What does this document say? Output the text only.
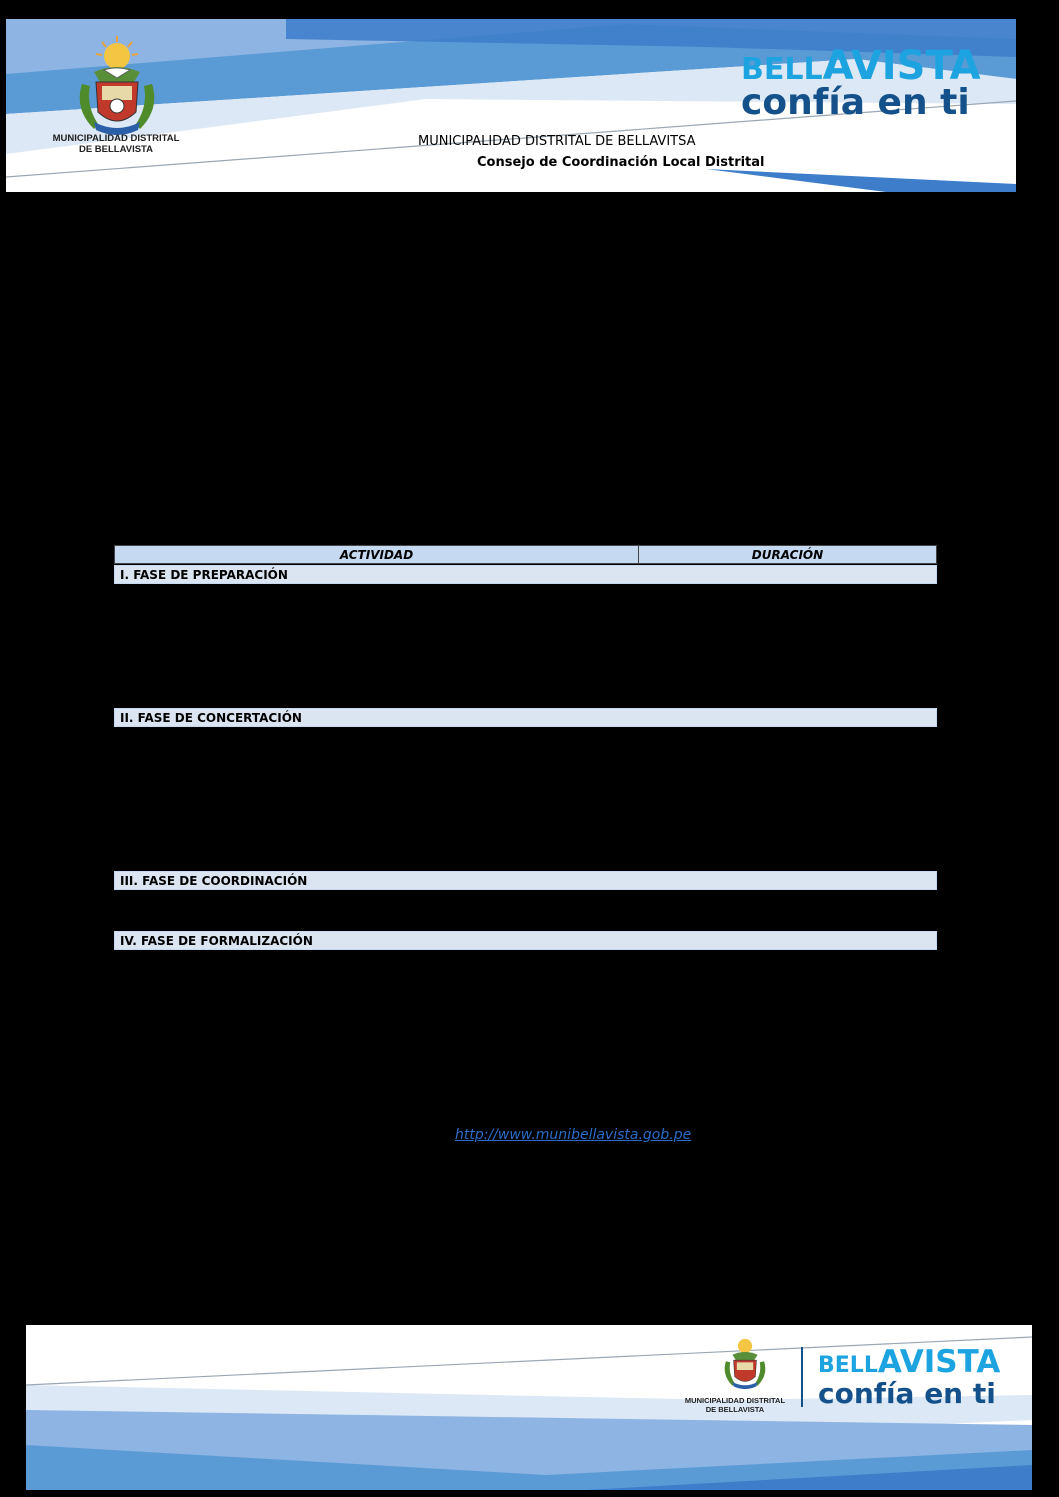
MUNICIPALIDAD DISTRITAL
DE BELLAVISTA
BELLAVISTA
confía en ti
MUNICIPALIDAD DISTRITAL DE BELLAVITSA
Consejo de Coordinación Local Distrital
ACTIVIDAD	DURACIÓN
I. FASE DE PREPARACIÓN
II. FASE DE CONCERTACIÓN
III. FASE DE COORDINACIÓN
IV. FASE DE FORMALIZACIÓN
http://www.munibellavista.gob.pe
MUNICIPALIDAD DISTRITAL
DE BELLAVISTA
BELLAVISTA
confía en ti
